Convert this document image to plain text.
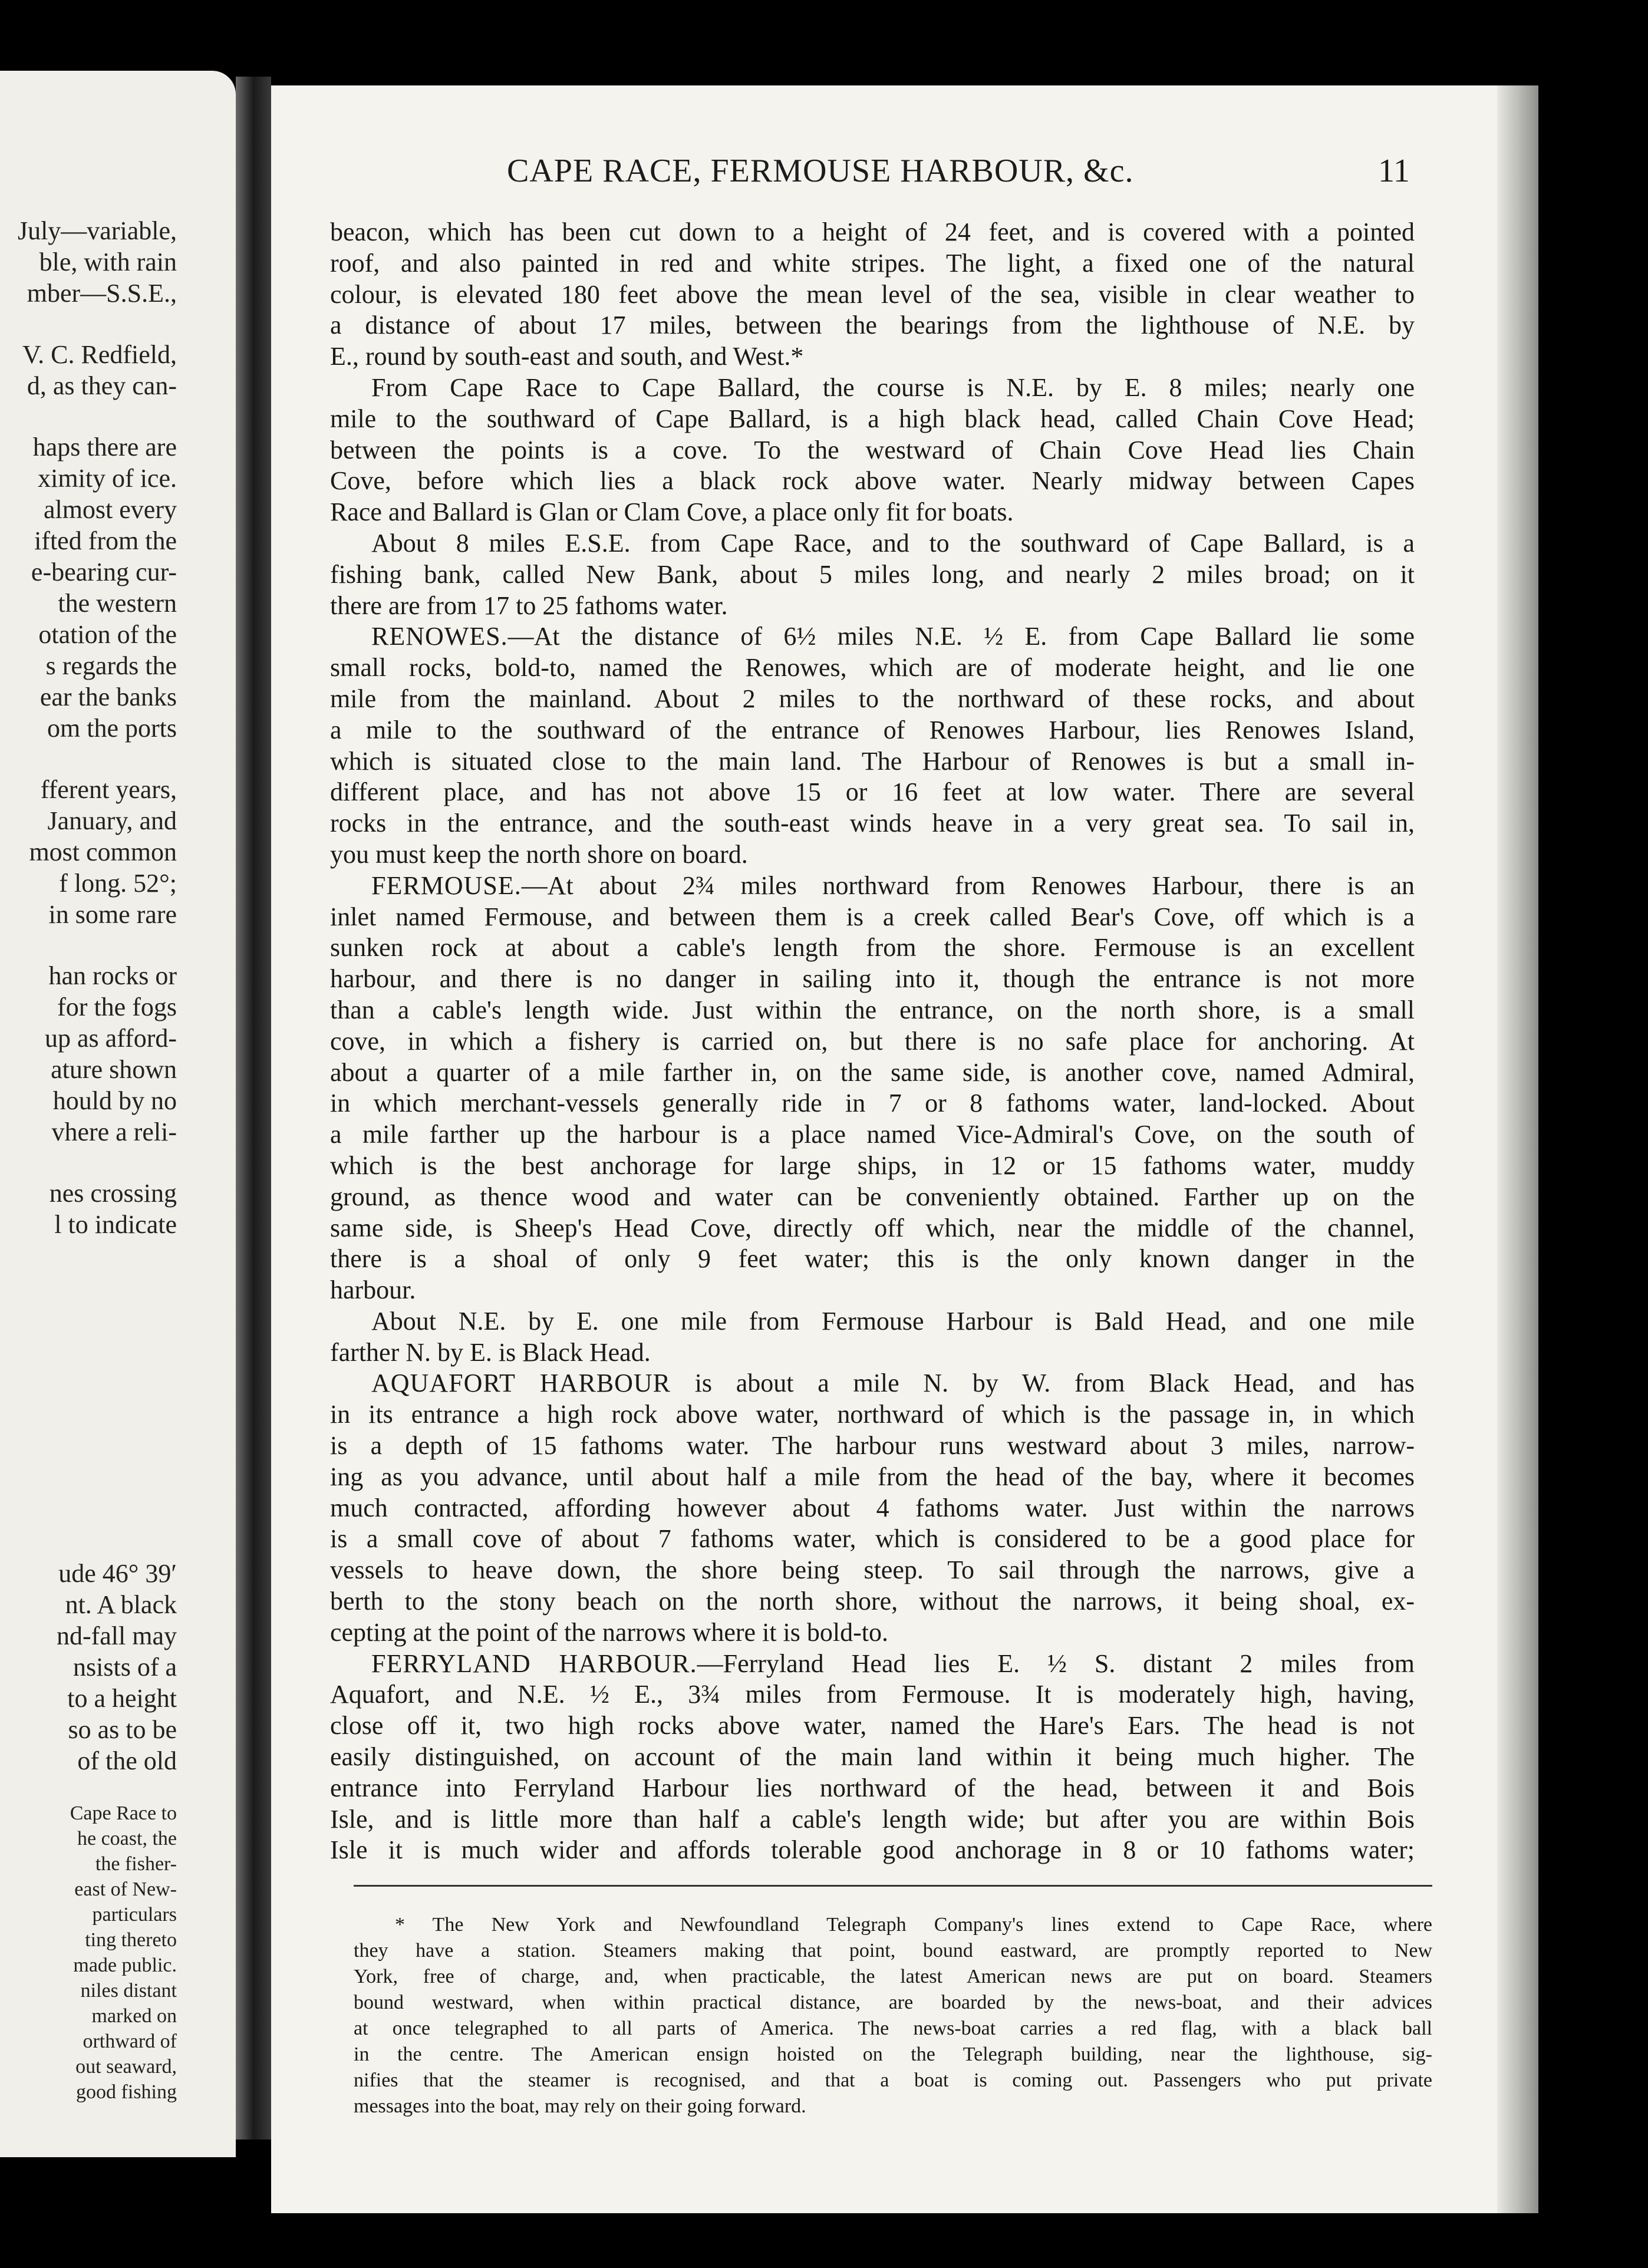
July—variable,
ble, with rain
mber—S.S.E.,
V. C. Redfield,
d, as they can-
haps there are
ximity of ice.
almost every
ifted from the
e-bearing cur-
the western
otation of the
s regards the
ear the banks
om the ports
fferent years,
January, and
most common
f long. 52°;
in some rare
han rocks or
for the fogs
up as afford-
ature shown
hould by no
vhere a reli-
nes crossing
l to indicate
ude 46° 39′
nt. A black
nd-fall may
nsists of a
to a height
so as to be
of the old
Cape Race to
he coast, the
the fisher-
east of New-
particulars
ting thereto
made public.
niles distant
marked on
orthward of
out seaward,
good fishing
CAPE RACE, FERMOUSE HARBOUR, &c.	11
beacon, which has been cut down to a height of 24 feet, and is covered with a pointed
roof, and also painted in red and white stripes. The light, a fixed one of the natural
colour, is elevated 180 feet above the mean level of the sea, visible in clear weather to
a distance of about 17 miles, between the bearings from the lighthouse of N.E. by
E., round by south-east and south, and West.*
From Cape Race to Cape Ballard, the course is N.E. by E. 8 miles; nearly one
mile to the southward of Cape Ballard, is a high black head, called Chain Cove Head;
between the points is a cove. To the westward of Chain Cove Head lies Chain
Cove, before which lies a black rock above water. Nearly midway between Capes
Race and Ballard is Glan or Clam Cove, a place only fit for boats.
About 8 miles E.S.E. from Cape Race, and to the southward of Cape Ballard, is a
fishing bank, called New Bank, about 5 miles long, and nearly 2 miles broad; on it
there are from 17 to 25 fathoms water.
RENOWES.—At the distance of 6½ miles N.E. ½ E. from Cape Ballard lie some
small rocks, bold-to, named the Renowes, which are of moderate height, and lie one
mile from the mainland. About 2 miles to the northward of these rocks, and about
a mile to the southward of the entrance of Renowes Harbour, lies Renowes Island,
which is situated close to the main land. The Harbour of Renowes is but a small in-
different place, and has not above 15 or 16 feet at low water. There are several
rocks in the entrance, and the south-east winds heave in a very great sea. To sail in,
you must keep the north shore on board.
FERMOUSE.—At about 2¾ miles northward from Renowes Harbour, there is an
inlet named Fermouse, and between them is a creek called Bear's Cove, off which is a
sunken rock at about a cable's length from the shore. Fermouse is an excellent
harbour, and there is no danger in sailing into it, though the entrance is not more
than a cable's length wide. Just within the entrance, on the north shore, is a small
cove, in which a fishery is carried on, but there is no safe place for anchoring. At
about a quarter of a mile farther in, on the same side, is another cove, named Admiral,
in which merchant-vessels generally ride in 7 or 8 fathoms water, land-locked. About
a mile farther up the harbour is a place named Vice-Admiral's Cove, on the south of
which is the best anchorage for large ships, in 12 or 15 fathoms water, muddy
ground, as thence wood and water can be conveniently obtained. Farther up on the
same side, is Sheep's Head Cove, directly off which, near the middle of the channel,
there is a shoal of only 9 feet water; this is the only known danger in the
harbour.
About N.E. by E. one mile from Fermouse Harbour is Bald Head, and one mile
farther N. by E. is Black Head.
AQUAFORT HARBOUR is about a mile N. by W. from Black Head, and has
in its entrance a high rock above water, northward of which is the passage in, in which
is a depth of 15 fathoms water. The harbour runs westward about 3 miles, narrow-
ing as you advance, until about half a mile from the head of the bay, where it becomes
much contracted, affording however about 4 fathoms water. Just within the narrows
is a small cove of about 7 fathoms water, which is considered to be a good place for
vessels to heave down, the shore being steep. To sail through the narrows, give a
berth to the stony beach on the north shore, without the narrows, it being shoal, ex-
cepting at the point of the narrows where it is bold-to.
FERRYLAND HARBOUR.—Ferryland Head lies E. ½ S. distant 2 miles from
Aquafort, and N.E. ½ E., 3¾ miles from Fermouse. It is moderately high, having,
close off it, two high rocks above water, named the Hare's Ears. The head is not
easily distinguished, on account of the main land within it being much higher. The
entrance into Ferryland Harbour lies northward of the head, between it and Bois
Isle, and is little more than half a cable's length wide; but after you are within Bois
Isle it is much wider and affords tolerable good anchorage in 8 or 10 fathoms water;
* The New York and Newfoundland Telegraph Company's lines extend to Cape Race, where
they have a station. Steamers making that point, bound eastward, are promptly reported to New
York, free of charge, and, when practicable, the latest American news are put on board. Steamers
bound westward, when within practical distance, are boarded by the news-boat, and their advices
at once telegraphed to all parts of America. The news-boat carries a red flag, with a black ball
in the centre. The American ensign hoisted on the Telegraph building, near the lighthouse, sig-
nifies that the steamer is recognised, and that a boat is coming out. Passengers who put private
messages into the boat, may rely on their going forward.
